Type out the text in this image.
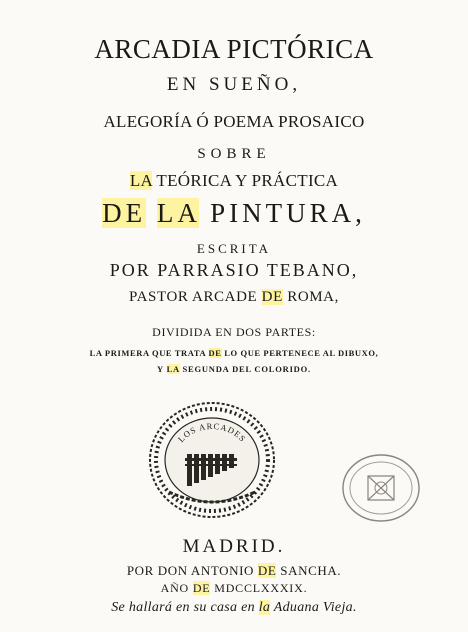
ARCADIA PICTÓRICA
EN SUEÑO,
ALEGORÍA Ó POEMA PROSAICO
SOBRE
LA TEÓRICA Y PRÁCTICA
DE LA PINTURA,
ESCRITA
POR PARRASIO TEBANO,
PASTOR ARCADE DE ROMA,
DIVIDIDA EN DOS PARTES:
LA PRIMERA QUE TRATA DE LO QUE PERTENECE AL DIBUXO,
Y LA SEGUNDA DEL COLORIDO.
LOS ARCADES
MADRID.
POR DON ANTONIO DE SANCHA.
AÑO DE MDCCLXXXIX.
Se hallará en su casa en la Aduana Vieja.
